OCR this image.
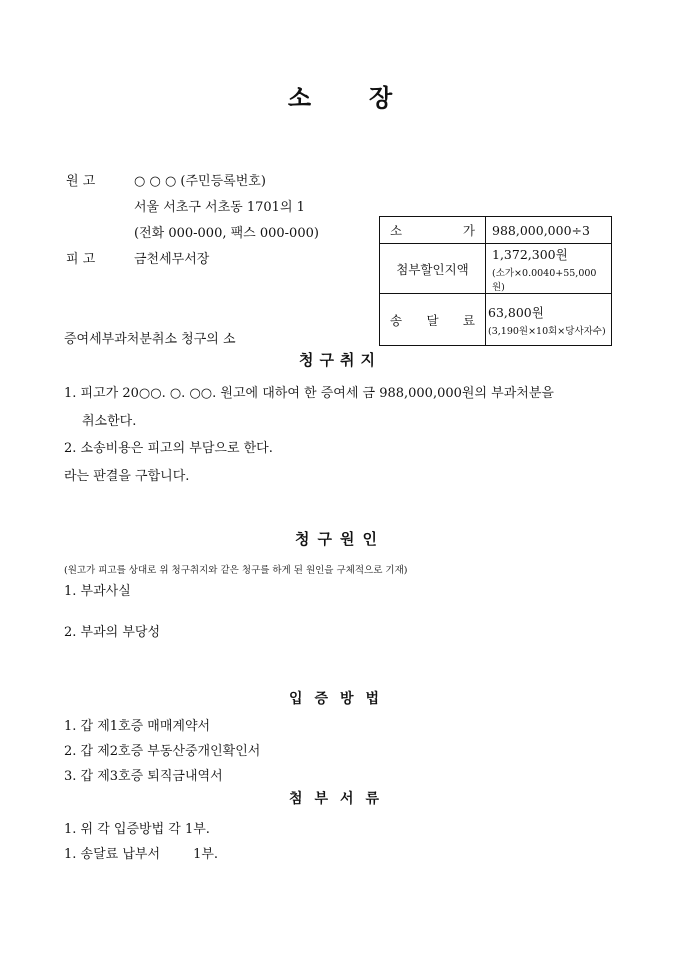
소 장
원 고	○ ○ ○ (주민등록번호)
서울 서초구 서초동 1701의 1
(전화 000-000, 팩스 000-000)
피 고	금천세무서장
소 가	988,000,000÷3
첨부할인지액	1,372,300원
(소가×0.0040+55,000원)

송 달 료	63,800원
(3,190원×10회×당사자수)
증여세부과처분취소 청구의 소
청구취지
1. 피고가 20○○. ○. ○○. 원고에 대하여 한 증여세 금 988,000,000원의 부과처분을
취소한다.
2. 소송비용은 피고의 부담으로 한다.
라는 판결을 구합니다.
청구원인
(원고가 피고를 상대로 위 청구취지와 같은 청구를 하게 된 원인을 구체적으로 기재)
1. 부과사실
2. 부과의 부당성
입증방법
1. 갑 제1호증 매매계약서
2. 갑 제2호증 부동산중개인확인서
3. 갑 제3호증 퇴직금내역서
첨부서류
1. 위 각 입증방법 각 1부.
1. 송달료 납부서        1부.
